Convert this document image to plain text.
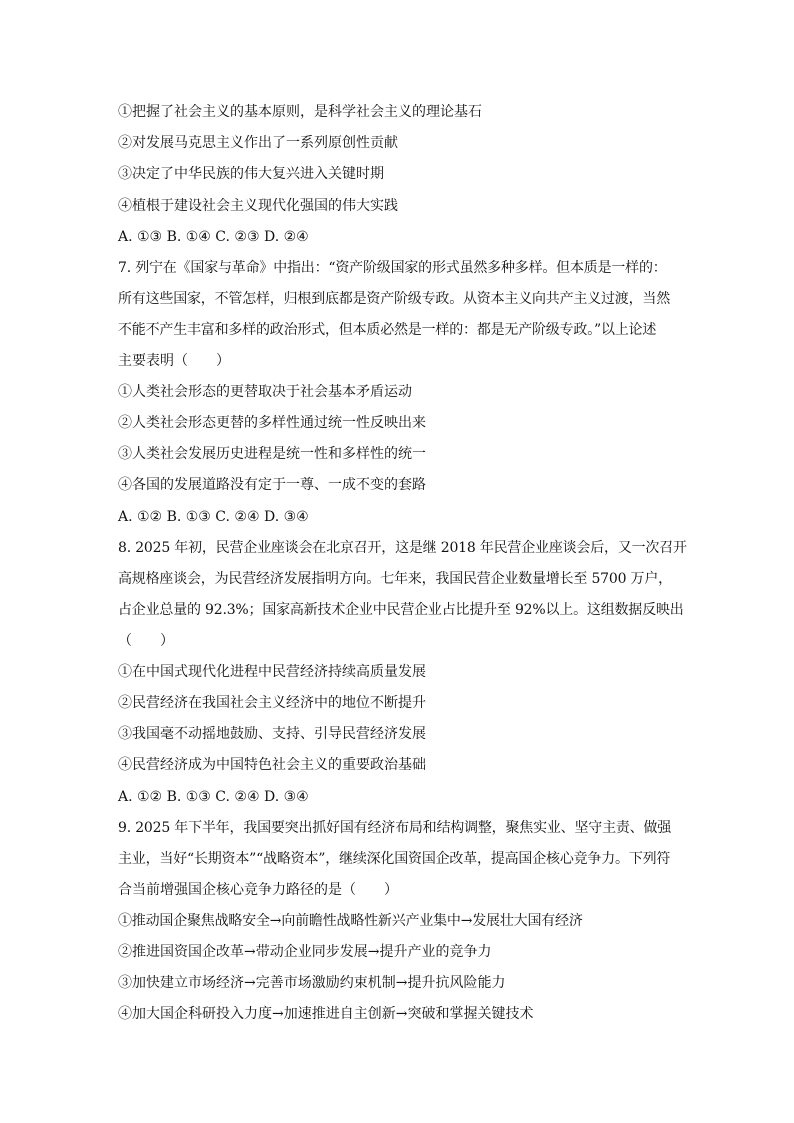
①把握了社会主义的基本原则，是科学社会主义的理论基石
②对发展马克思主义作出了一系列原创性贡献
③决定了中华民族的伟大复兴进入关键时期
④植根于建设社会主义现代化强国的伟大实践
A. ①③ B. ①④ C. ②③ D. ②④
7. 列宁在《国家与革命》中指出：“资产阶级国家的形式虽然多种多样。但本质是一样的：
所有这些国家，不管怎样，归根到底都是资产阶级专政。从资本主义向共产主义过渡，当然
不能不产生丰富和多样的政治形式，但本质必然是一样的：都是无产阶级专政。”以上论述
主要表明（　　）
①人类社会形态的更替取决于社会基本矛盾运动
②人类社会形态更替的多样性通过统一性反映出来
③人类社会发展历史进程是统一性和多样性的统一
④各国的发展道路没有定于一尊、一成不变的套路
A. ①② B. ①③ C. ②④ D. ③④
8. 2025 年初，民营企业座谈会在北京召开，这是继 2018 年民营企业座谈会后，又一次召开
高规格座谈会，为民营经济发展指明方向。七年来，我国民营企业数量增长至 5700 万户，
占企业总量的 92.3%；国家高新技术企业中民营企业占比提升至 92%以上。这组数据反映出
（　　）
①在中国式现代化进程中民营经济持续高质量发展
②民营经济在我国社会主义经济中的地位不断提升
③我国毫不动摇地鼓励、支持、引导民营经济发展
④民营经济成为中国特色社会主义的重要政治基础
A. ①② B. ①③ C. ②④ D. ③④
9. 2025 年下半年，我国要突出抓好国有经济布局和结构调整，聚焦实业、坚守主责、做强
主业，当好“长期资本”“战略资本”，继续深化国资国企改革，提高国企核心竞争力。下列符
合当前增强国企核心竞争力路径的是（　　）
①推动国企聚焦战略安全→向前瞻性战略性新兴产业集中→发展壮大国有经济
②推进国资国企改革→带动企业同步发展→提升产业的竞争力
③加快建立市场经济→完善市场激励约束机制→提升抗风险能力
④加大国企科研投入力度→加速推进自主创新→突破和掌握关键技术
